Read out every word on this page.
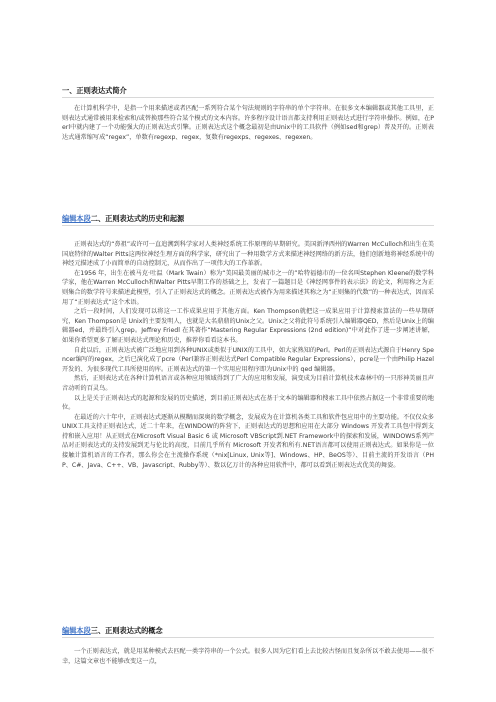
一、正则表达式简介

在计算机科学中，是指一个用来描述或者匹配一系列符合某个句法规则的字符串的单个字符串。在很多文本编辑器或其他工具里，正则表达式通常被用来检索和/或替换那些符合某个模式的文本内容。许多程序设计语言都支持利用正则表达式进行字符串操作。例如，在Perl中就内建了一个功能强大的正则表达式引擎。正则表达式这个概念最初是由Unix中的工具软件（例如sed和grep）普及开的。正则表达式通常缩写成“regex”，单数有regexp、regex，复数有regexps、regexes、regexen。

编辑本段二、正则表达式的历史和起源

正则表达式的“鼻祖”或许可一直追溯到科学家对人类神经系统工作原理的早期研究。美国新泽西州的Warren McCulloch和出生在美国底特律的Walter Pitts这两位神经生理方面的科学家，研究出了一种用数学方式来描述神经网络的新方法，他们创新地将神经系统中的神经元描述成了小而简单的自动控制元，从而作出了一项伟大的工作革新。

在1956 年，出生在被马克·吐温（Mark Twain）称为“美国最美丽的城市之一的”哈特福德市的一位名叫Stephen Kleene的数学科学家，他在Warren McCulloch和Walter Pitts早期工作的基础之上，发表了一篇题目是《神经网事件的表示法》的论文，利用称之为正则集合的数学符号来描述此模型，引入了正则表达式的概念。正则表达式被作为用来描述其称之为“正则集的代数”的一种表达式，因而采用了“正则表达式”这个术语。

之后一段时间，人们发现可以将这一工作成果应用于其他方面。Ken Thompson就把这一成果应用于计算搜索算法的一些早期研究，Ken Thompson是 Unix的主要发明人，也就是大名鼎鼎的Unix之父。Unix之父将此符号系统引入编辑器QED，然后是Unix上的编辑器ed，并最终引入grep。Jeffrey Friedl 在其著作“Mastering Regular Expressions (2nd edition)”中对此作了进一步阐述讲解，如果你希望更多了解正则表达式理论和历史，推荐你看看这本书。

自此以后，正则表达式被广泛地应用到各种UNIX或类似于UNIX的工具中，如大家熟知的Perl。Perl的正则表达式源自于Henry Spencer编写的regex，之后已演化成了pcre（Perl兼容正则表达式Perl Compatible Regular Expressions），pcre是一个由Philip Hazel开发的、为很多现代工具所使用的库。正则表达式的第一个实用应用程序即为Unix中的 qed 编辑器。

然后，正则表达式在各种计算机语言或各种应用领域得到了广大的应用和发展，演变成为目前计算机技术森林中的一只形神美丽且声音动听的百灵鸟。

以上是关于正则表达式的起源和发展的历史描述，到目前正则表达式在基于文本的编辑器和搜索工具中依然占据这一个非常重要的地位。

在最近的六十年中，正则表达式逐渐从模糊而深奥的数学概念，发展成为在计算机各类工具和软件包应用中的主要功能。不仅仅众多UNIX工具支持正则表达式，近二十年来，在WINDOW的阵营下，正则表达式的思想和应用在大部分 Windows 开发者工具包中得到支持和嵌入应用！从正则式在Microsoft Visual Basic 6 或 Microsoft VBScript到.NET Framework中的探索和发展，WINDOWS系列产品对正则表达式的支持发展到无与伦比的高度，目前几乎所有 Microsoft 开发者和所有.NET语言都可以使用正则表达式。如果你是一位接触计算机语言的工作者，那么你会在主流操作系统（*nix[Linux, Unix等]、Windows、HP、BeOS等）、目前主流的开发语言（PHP、C#、Java、C++、VB、Javascript、Rubby等）、数以亿万计的各种应用软件中，都可以看到正则表达式优美的舞姿。

编辑本段三、正则表达式的概念

一个正则表达式，就是用某种模式去匹配一类字符串的一个公式。很多人因为它们看上去比较古怪而且复杂所以不敢去使用——很不幸，这篇文章也不能够改变这一点，
